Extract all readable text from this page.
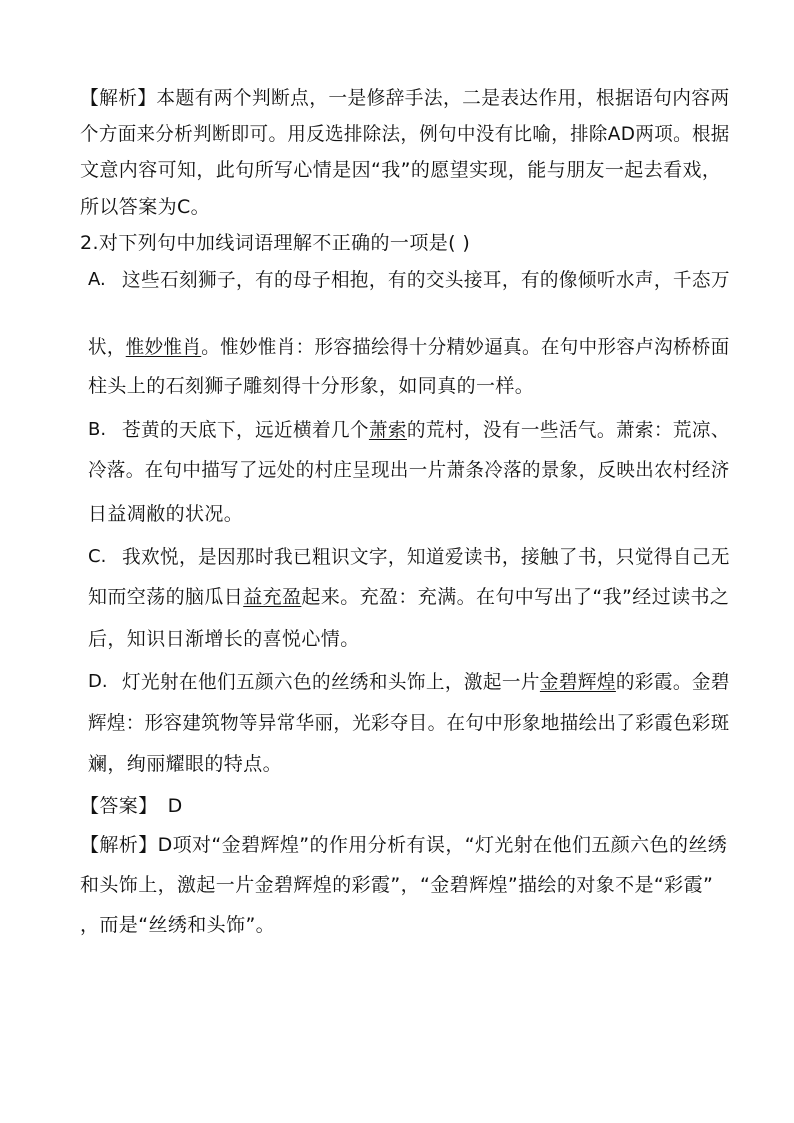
【解析】本题有两个判断点，一是修辞手法，二是表达作用，根据语句内容两
个方面来分析判断即可。用反选排除法，例句中没有比喻，排除AD两项。根据
文意内容可知，此句所写心情是因“我”的愿望实现，能与朋友一起去看戏，
所以答案为C。
2.对下列句中加线词语理解不正确的一项是( )
A. 这些石刻狮子，有的母子相抱，有的交头接耳，有的像倾听水声，千态万
状，惟妙惟肖。惟妙惟肖：形容描绘得十分精妙逼真。在句中形容卢沟桥桥面
柱头上的石刻狮子雕刻得十分形象，如同真的一样。
B. 苍黄的天底下，远近横着几个萧索的荒村，没有一些活气。萧索：荒凉、
冷落。在句中描写了远处的村庄呈现出一片萧条冷落的景象，反映出农村经济
日益凋敝的状况。
C. 我欢悦，是因那时我已粗识文字，知道爱读书，接触了书，只觉得自己无
知而空荡的脑瓜日益充盈起来。充盈：充满。在句中写出了“我”经过读书之
后，知识日渐增长的喜悦心情。
D. 灯光射在他们五颜六色的丝绣和头饰上，激起一片金碧辉煌的彩霞。金碧
辉煌：形容建筑物等异常华丽，光彩夺目。在句中形象地描绘出了彩霞色彩斑
斓，绚丽耀眼的特点。
【答案】 D
【解析】D项对“金碧辉煌”的作用分析有误，“灯光射在他们五颜六色的丝绣
和头饰上，激起一片金碧辉煌的彩霞”，“金碧辉煌”描绘的对象不是“彩霞”
，而是“丝绣和头饰”。
